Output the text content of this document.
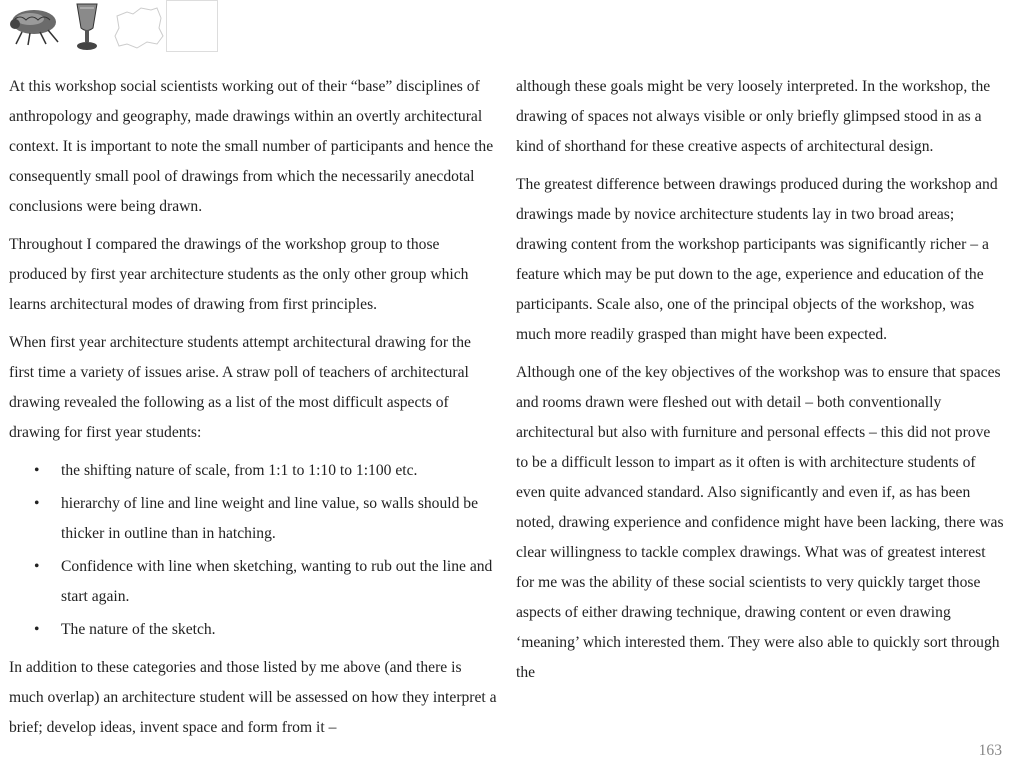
At this workshop social scientists working out of their “base” disciplines of anthropology and geography, made drawings within an overtly architectural context. It is important to note the small number of participants and hence the consequently small pool of drawings from which the necessarily anecdotal conclusions were being drawn.

Throughout I compared the drawings of the workshop group to those produced by first year architecture students as the only other group which learns architectural modes of drawing from first principles.

When first year architecture students attempt architectural drawing for the first time a variety of issues arise. A straw poll of teachers of architectural drawing revealed the following as a list of the most difficult aspects of drawing for first year students:

• the shifting nature of scale, from 1:1 to 1:10 to 1:100 etc.
• hierarchy of line and line weight and line value, so walls should be thicker in outline than in hatching.
• Confidence with line when sketching, wanting to rub out the line and start again.
• The nature of the sketch.

In addition to these categories and those listed by me above (and there is much overlap) an architecture student will be assessed on how they interpret a brief; develop ideas, invent space and form from it –

although these goals might be very loosely interpreted. In the workshop, the drawing of spaces not always visible or only briefly glimpsed stood in as a kind of shorthand for these creative aspects of architectural design.

The greatest difference between drawings produced during the workshop and drawings made by novice architecture students lay in two broad areas; drawing content from the workshop participants was significantly richer – a feature which may be put down to the age, experience and education of the participants. Scale also, one of the principal objects of the workshop, was much more readily grasped than might have been expected.

Although one of the key objectives of the workshop was to ensure that spaces and rooms drawn were fleshed out with detail – both conventionally architectural but also with furniture and personal effects – this did not prove to be a difficult lesson to impart as it often is with architecture students of even quite advanced standard. Also significantly and even if, as has been noted, drawing experience and confidence might have been lacking, there was clear willingness to tackle complex drawings. What was of greatest interest for me was the ability of these social scientists to very quickly target those aspects of either drawing technique, drawing content or even drawing ‘meaning’ which interested them. They were also able to quickly sort through the

163
